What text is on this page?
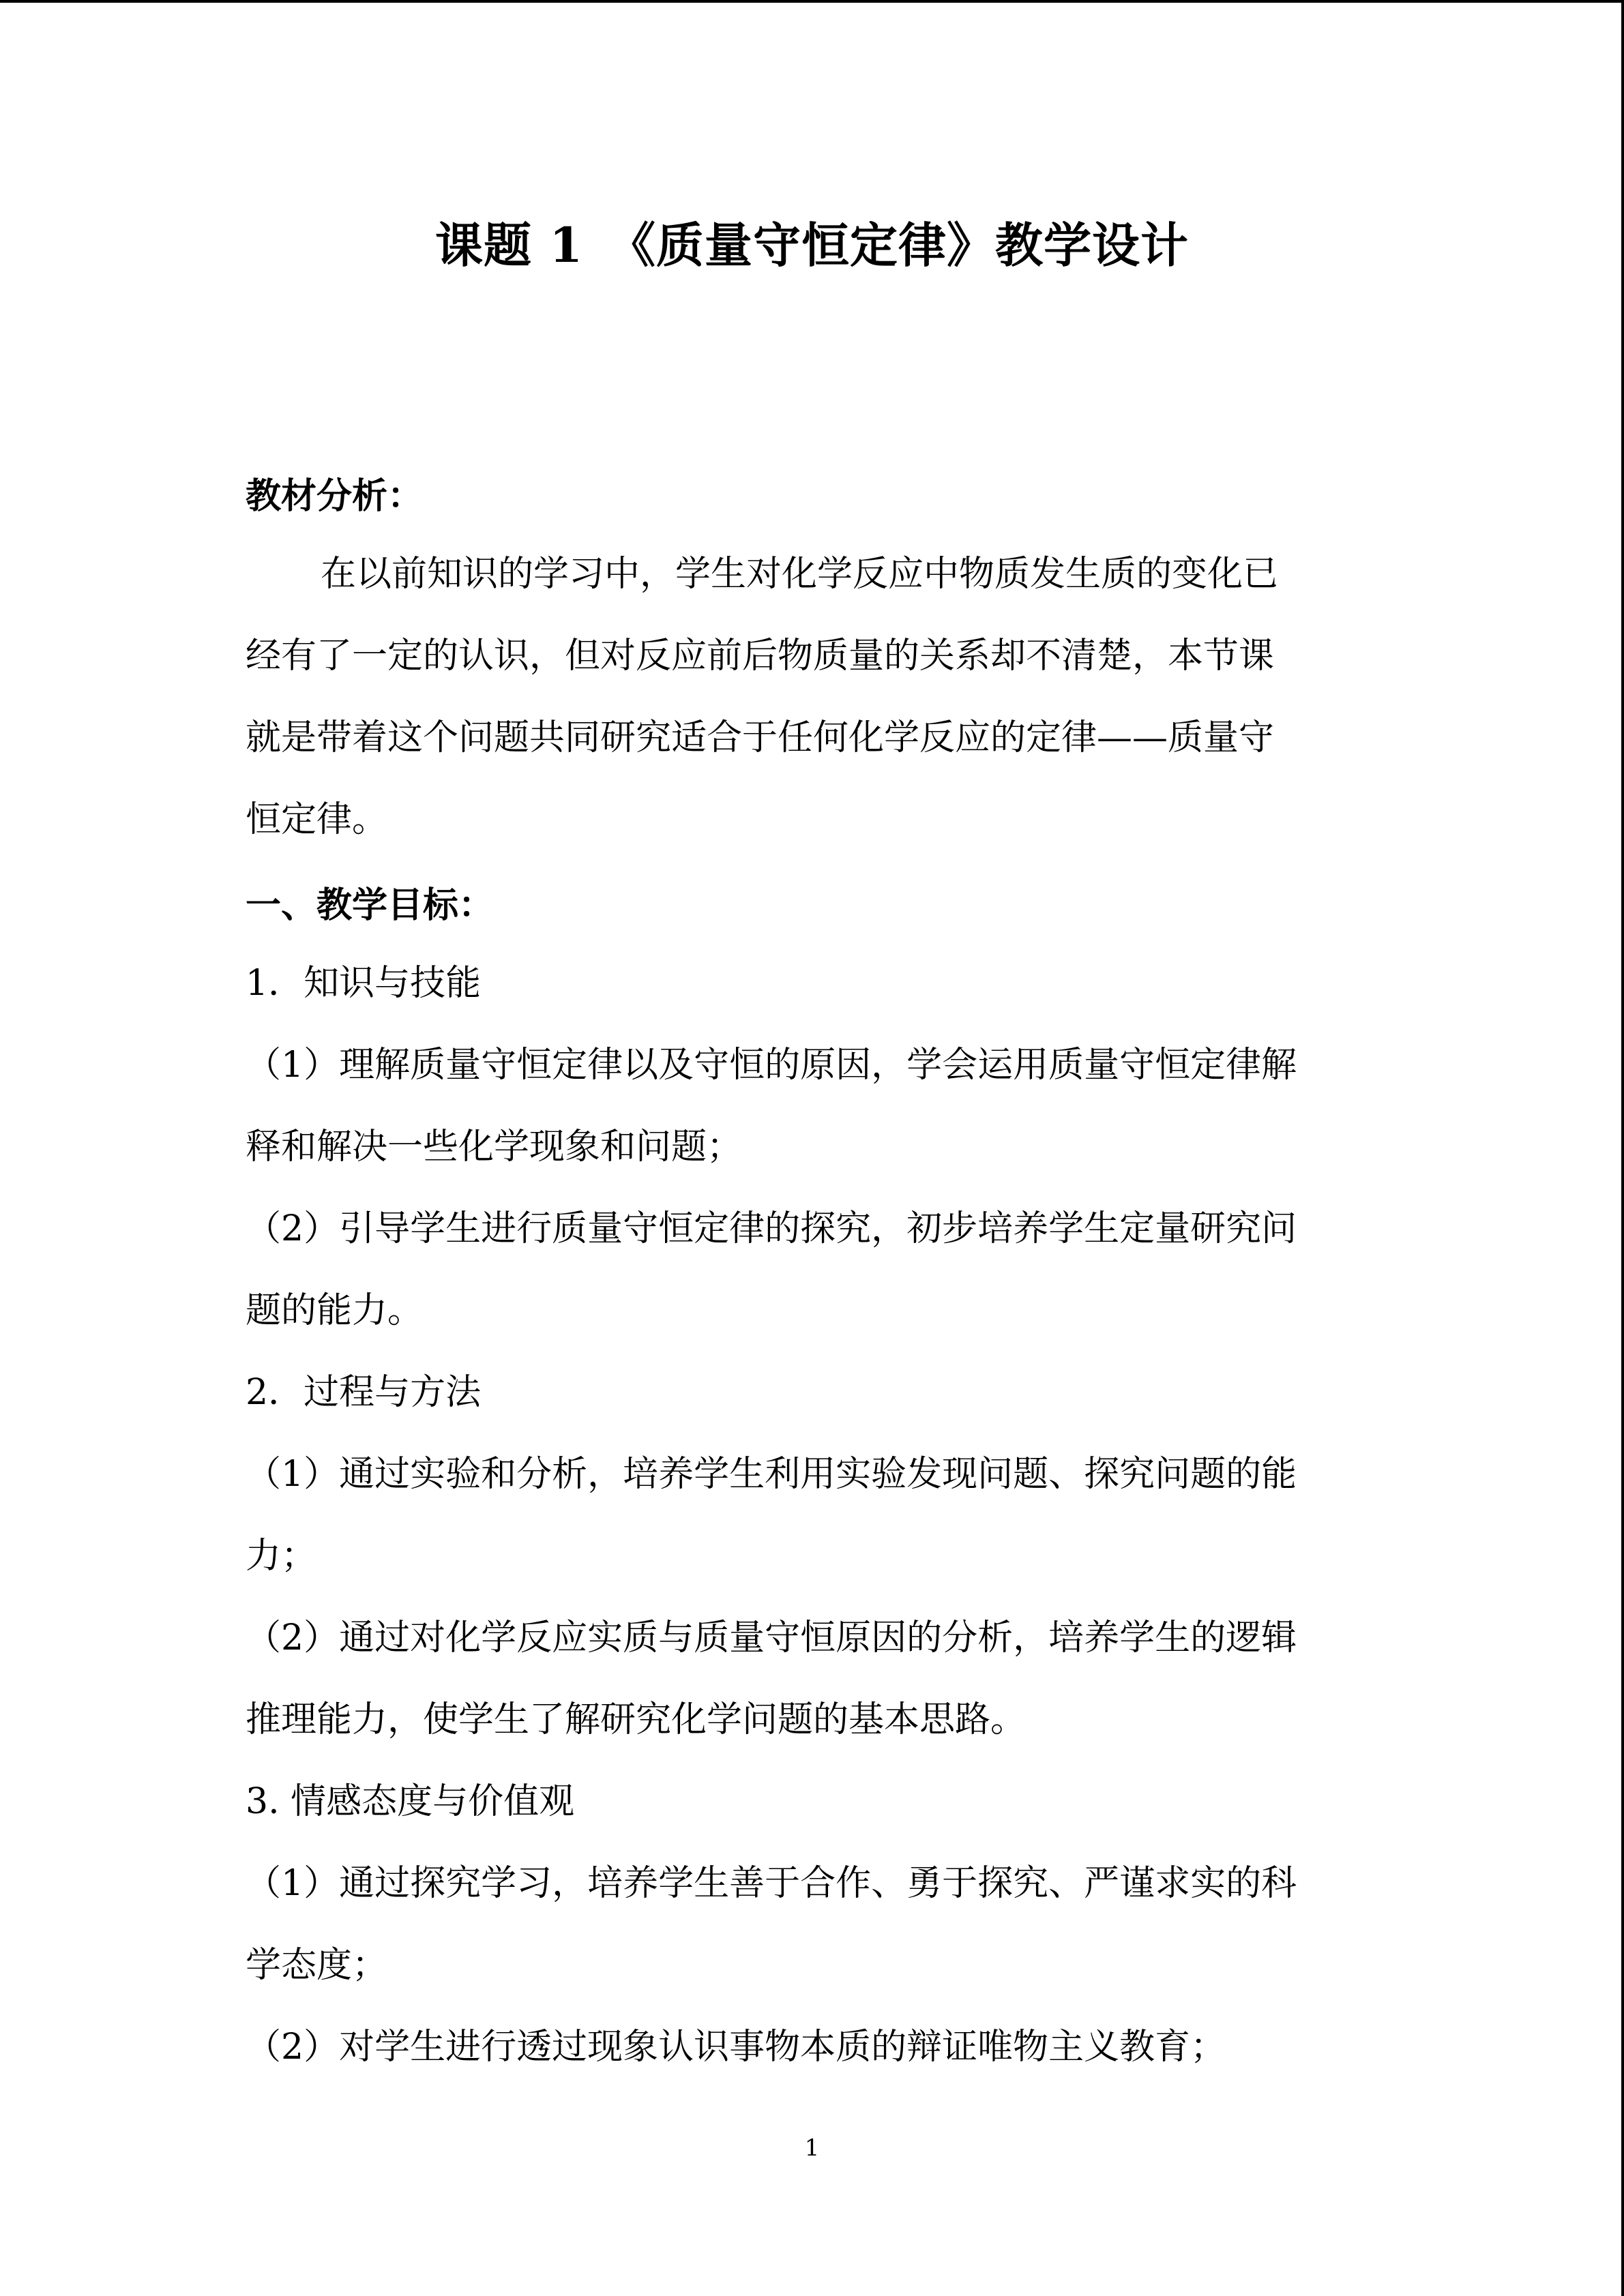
课题 1　《质量守恒定律》教学设计
教材分析：
在以前知识的学习中，学生对化学反应中物质发生质的变化已
经有了一定的认识，但对反应前后物质量的关系却不清楚，本节课
就是带着这个问题共同研究适合于任何化学反应的定律——质量守
恒定律。
一、教学目标：
1．知识与技能
（1）理解质量守恒定律以及守恒的原因，学会运用质量守恒定律解
释和解决一些化学现象和问题；
（2）引导学生进行质量守恒定律的探究，初步培养学生定量研究问
题的能力。
2．过程与方法
（1）通过实验和分析，培养学生利用实验发现问题、探究问题的能
力；
（2）通过对化学反应实质与质量守恒原因的分析，培养学生的逻辑
推理能力，使学生了解研究化学问题的基本思路。
3. 情感态度与价值观
（1）通过探究学习，培养学生善于合作、勇于探究、严谨求实的科
学态度；
（2）对学生进行透过现象认识事物本质的辩证唯物主义教育；
1
